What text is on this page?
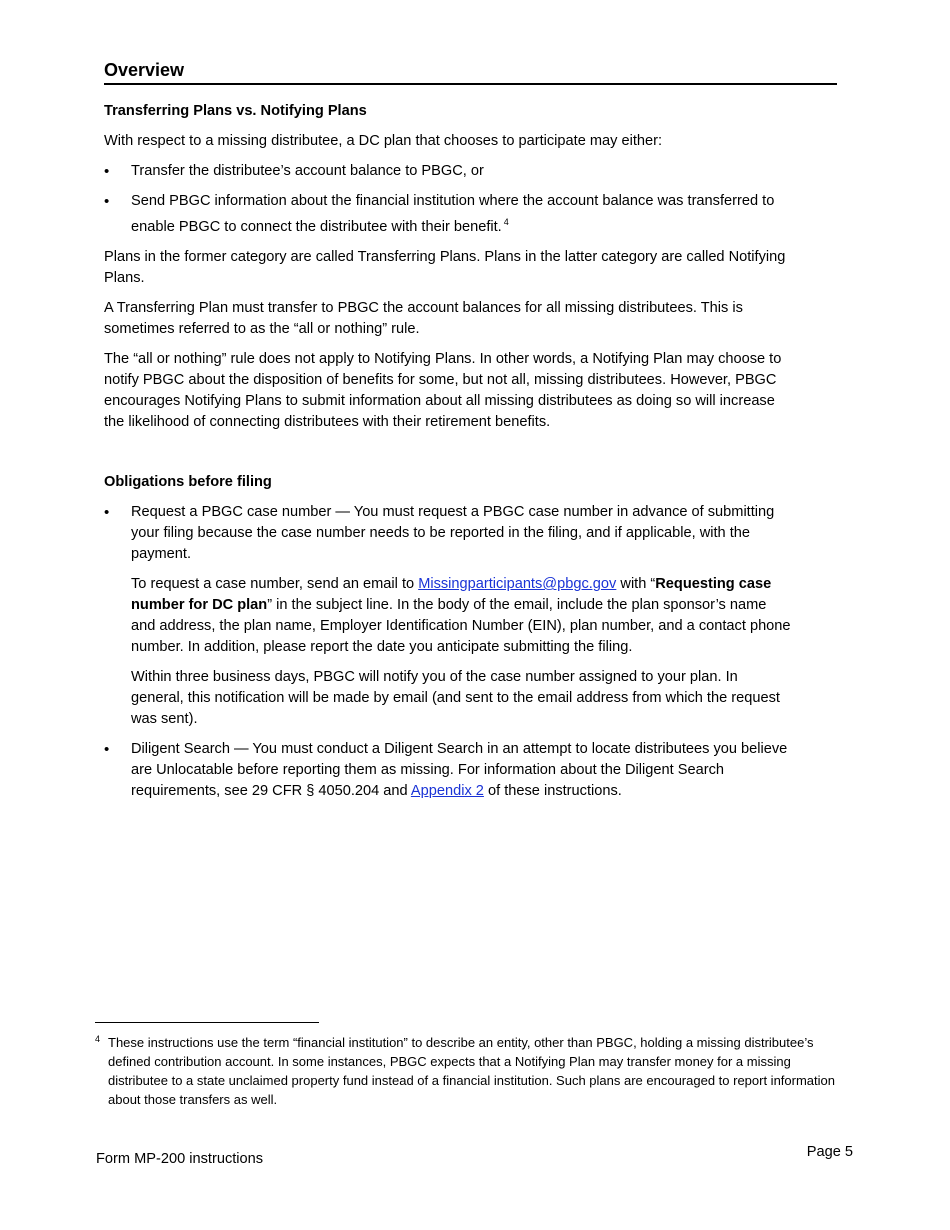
Overview
Transferring Plans vs. Notifying Plans

With respect to a missing distributee, a DC plan that chooses to participate may either:

• Transfer the distributee’s account balance to PBGC, or
• Send PBGC information about the financial institution where the account balance was transferred to enable PBGC to connect the distributee with their benefit. $^4$

Plans in the former category are called Transferring Plans. Plans in the latter category are called Notifying Plans.

A Transferring Plan must transfer to PBGC the account balances for all missing distributees. This is sometimes referred to as the “all or nothing” rule.

The “all or nothing” rule does not apply to Notifying Plans. In other words, a Notifying Plan may choose to notify PBGC about the disposition of benefits for some, but not all, missing distributees. However, PBGC encourages Notifying Plans to submit information about all missing distributees as doing so will increase the likelihood of connecting distributees with their retirement benefits.

Obligations before filing
• Request a PBGC case number — You must request a PBGC case number in advance of submitting your filing because the case number needs to be reported in the filing, and if applicable, with the payment.
To request a case number, send an email to Missingparticipants@pbgc.gov with “Requesting case number for DC plan” in the subject line. In the body of the email, include the plan sponsor’s name and address, the plan name, Employer Identification Number (EIN), plan number, and a contact phone number. In addition, please report the date you anticipate submitting the filing.
Within three business days, PBGC will notify you of the case number assigned to your plan. In general, this notification will be made by email (and sent to the email address from which the request was sent).
• Diligent Search — You must conduct a Diligent Search in an attempt to locate distributees you believe are Unlocatable before reporting them as missing. For information about the Diligent Search requirements, see 29 CFR § 4050.204 and Appendix 2 of these instructions.
4 These instructions use the term “financial institution” to describe an entity, other than PBGC, holding a missing distributee’s defined contribution account. In some instances, PBGC expects that a Notifying Plan may transfer money for a missing distributee to a state unclaimed property fund instead of a financial institution. Such plans are encouraged to report information about those transfers as well.
Form MP-200 instructions	Page 5
